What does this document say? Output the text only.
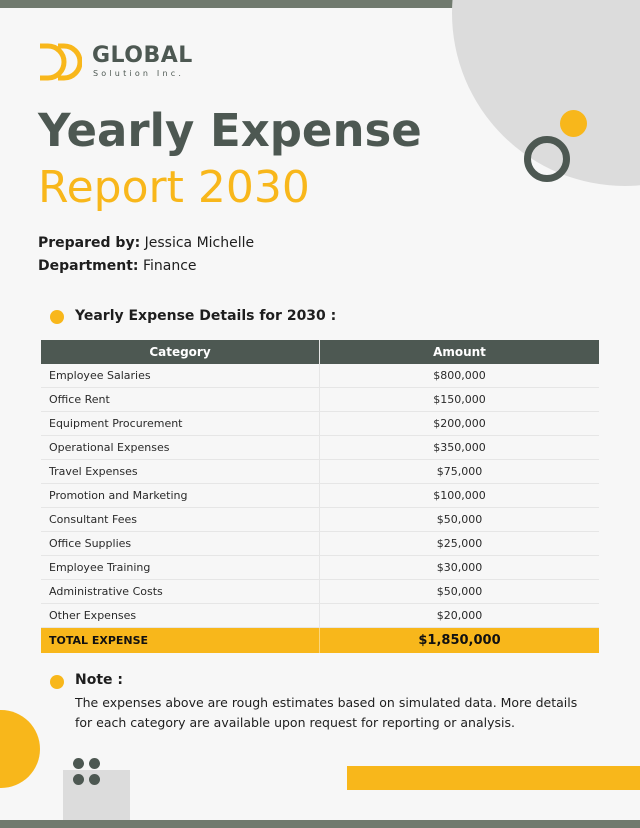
GLOBAL
Solution Inc.
Yearly Expense
Report 2030
Prepared by: Jessica Michelle
Department: Finance
Yearly Expense Details for 2030 :
Category	Amount
Employee Salaries	$800,000
Office Rent	$150,000
Equipment Procurement	$200,000
Operational Expenses	$350,000
Travel Expenses	$75,000
Promotion and Marketing	$100,000
Consultant Fees	$50,000
Office Supplies	$25,000
Employee Training	$30,000
Administrative Costs	$50,000
Other Expenses	$20,000
TOTAL EXPENSE	$1,850,000
Note :
The expenses above are rough estimates based on simulated data. More details for each category are available upon request for reporting or analysis.
